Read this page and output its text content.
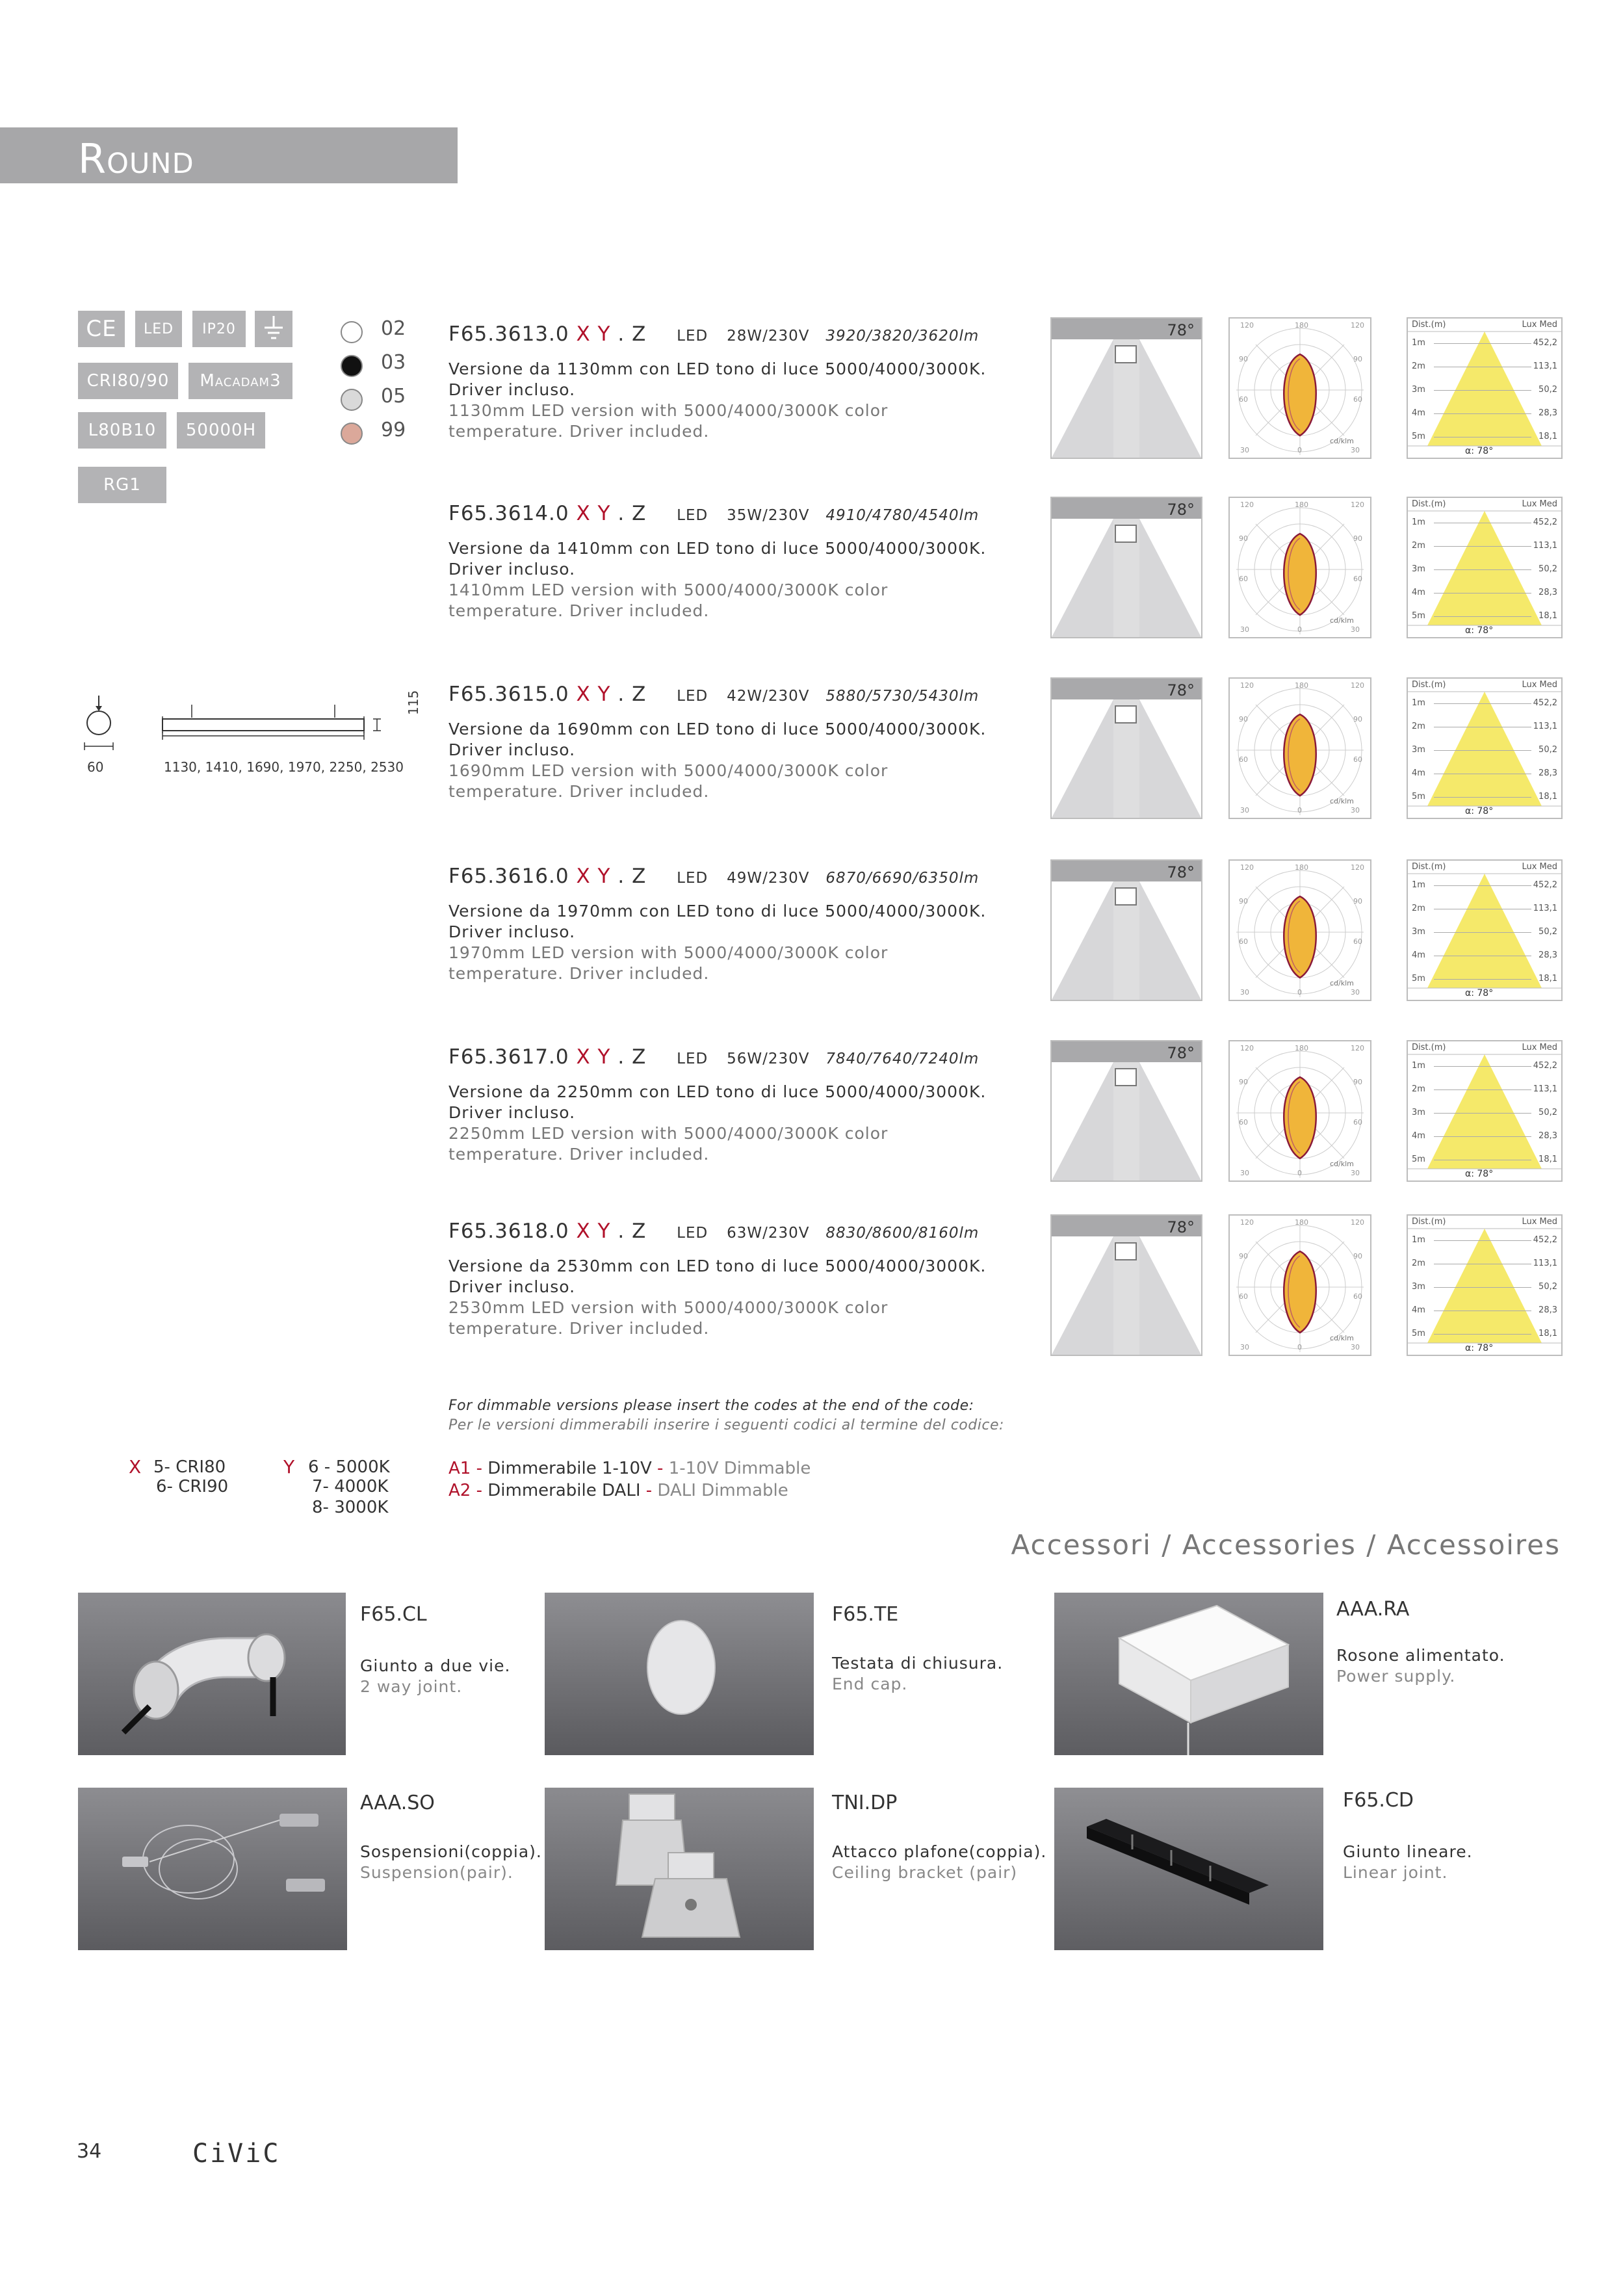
Round
CE	LED	IP20
CRI80/90	Macadam3
L80B10	50000H
RG1
02
03
05
99
115
60	1130, 1410, 1690, 1970, 2250, 2530
F65.3613.0 X Y . Z LED 28W/230V 3920/3820/3620lm
Versione da 1130mm con LED tono di luce 5000/4000/3000K.
Driver incluso.
1130mm LED version with 5000/4000/3000K color
temperature. Driver included.
78°	120	180	120
90	90
60	60
30	0	30
cd/klm
Dist.(m)	Lux Med
1m	452,2
2m	113,1
3m	50,2
4m	28,3
5m	18,1
α: 78°
F65.3614.0 X Y . Z LED 35W/230V 4910/4780/4540lm
Versione da 1410mm con LED tono di luce 5000/4000/3000K.
Driver incluso.
1410mm LED version with 5000/4000/3000K color
temperature. Driver included.
78°	120	180	120
90	90
60	60
30	0	30
cd/klm
Dist.(m)	Lux Med
1m	452,2
2m	113,1
3m	50,2
4m	28,3
5m	18,1
α: 78°
F65.3615.0 X Y . Z LED 42W/230V 5880/5730/5430lm
Versione da 1690mm con LED tono di luce 5000/4000/3000K.
Driver incluso.
1690mm LED version with 5000/4000/3000K color
temperature. Driver included.
78°	120	180	120
90	90
60	60
30	0	30
cd/klm
Dist.(m)	Lux Med
1m	452,2
2m	113,1
3m	50,2
4m	28,3
5m	18,1
α: 78°
F65.3616.0 X Y . Z LED 49W/230V 6870/6690/6350lm
Versione da 1970mm con LED tono di luce 5000/4000/3000K.
Driver incluso.
1970mm LED version with 5000/4000/3000K color
temperature. Driver included.
78°	120	180	120
90	90
60	60
30	0	30
cd/klm
Dist.(m)	Lux Med
1m	452,2
2m	113,1
3m	50,2
4m	28,3
5m	18,1
α: 78°
F65.3617.0 X Y . Z LED 56W/230V 7840/7640/7240lm
Versione da 2250mm con LED tono di luce 5000/4000/3000K.
Driver incluso.
2250mm LED version with 5000/4000/3000K color
temperature. Driver included.
78°	120	180	120
90	90
60	60
30	0	30
cd/klm
Dist.(m)	Lux Med
1m	452,2
2m	113,1
3m	50,2
4m	28,3
5m	18,1
α: 78°
F65.3618.0 X Y . Z LED 63W/230V 8830/8600/8160lm
Versione da 2530mm con LED tono di luce 5000/4000/3000K.
Driver incluso.
2530mm LED version with 5000/4000/3000K color
temperature. Driver included.
78°	120	180	120
90	90
60	60
30	0	30
cd/klm
Dist.(m)	Lux Med
1m	452,2
2m	113,1
3m	50,2
4m	28,3
5m	18,1
α: 78°
For dimmable versions please insert the codes at the end of the code:
Per le versioni dimmerabili inserire i seguenti codici al termine del codice:
X 5- CRI80
6- CRI90
Y 6 - 5000K
7- 4000K
8- 3000K
A1 - Dimmerabile 1-10V - 1-10V Dimmable
A2 - Dimmerabile DALI - DALI Dimmable
Accessori / Accessories / Accessoires
F65.CL
Giunto a due vie.
2 way joint.
F65.TE
Testata di chiusura.
End cap.
AAA.RA
Rosone alimentato.
Power supply.
AAA.SO
Sospensioni(coppia).
Suspension(pair).
TNI.DP
Attacco plafone(coppia).
Ceiling bracket (pair)
F65.CD
Giunto lineare.
Linear joint.
34	CiViC
